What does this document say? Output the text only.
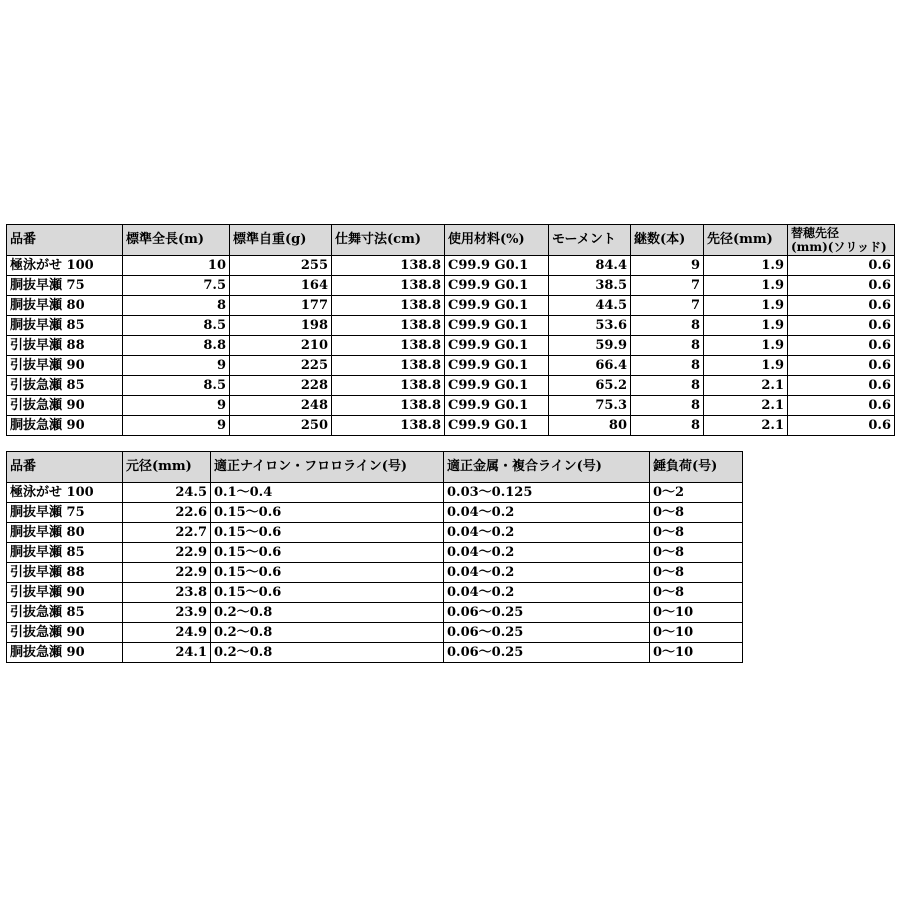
品番	標準全長(m)	標準自重(g)	仕舞寸法(cm)	使用材料(%)	モーメント	継数(本)	先径(mm)	替穂先径
(mm)(ソリッド)
極泳がせ 100	10	255	138.8	C99.9 G0.1	84.4	9	1.9	0.6
胴抜早瀬 75	7.5	164	138.8	C99.9 G0.1	38.5	7	1.9	0.6
胴抜早瀬 80	8	177	138.8	C99.9 G0.1	44.5	7	1.9	0.6
胴抜早瀬 85	8.5	198	138.8	C99.9 G0.1	53.6	8	1.9	0.6
引抜早瀬 88	8.8	210	138.8	C99.9 G0.1	59.9	8	1.9	0.6
引抜早瀬 90	9	225	138.8	C99.9 G0.1	66.4	8	1.9	0.6
引抜急瀬 85	8.5	228	138.8	C99.9 G0.1	65.2	8	2.1	0.6
引抜急瀬 90	9	248	138.8	C99.9 G0.1	75.3	8	2.1	0.6
胴抜急瀬 90	9	250	138.8	C99.9 G0.1	80	8	2.1	0.6
品番	元径(mm)	適正ナイロン・フロロライン(号)	適正金属・複合ライン(号)	錘負荷(号)
極泳がせ 100	24.5	0.1～0.4	0.03～0.125	0～2
胴抜早瀬 75	22.6	0.15～0.6	0.04～0.2	0～8
胴抜早瀬 80	22.7	0.15～0.6	0.04～0.2	0～8
胴抜早瀬 85	22.9	0.15～0.6	0.04～0.2	0～8
引抜早瀬 88	22.9	0.15～0.6	0.04～0.2	0～8
引抜早瀬 90	23.8	0.15～0.6	0.04～0.2	0～8
引抜急瀬 85	23.9	0.2～0.8	0.06～0.25	0～10
引抜急瀬 90	24.9	0.2～0.8	0.06～0.25	0～10
胴抜急瀬 90	24.1	0.2～0.8	0.06～0.25	0～10
